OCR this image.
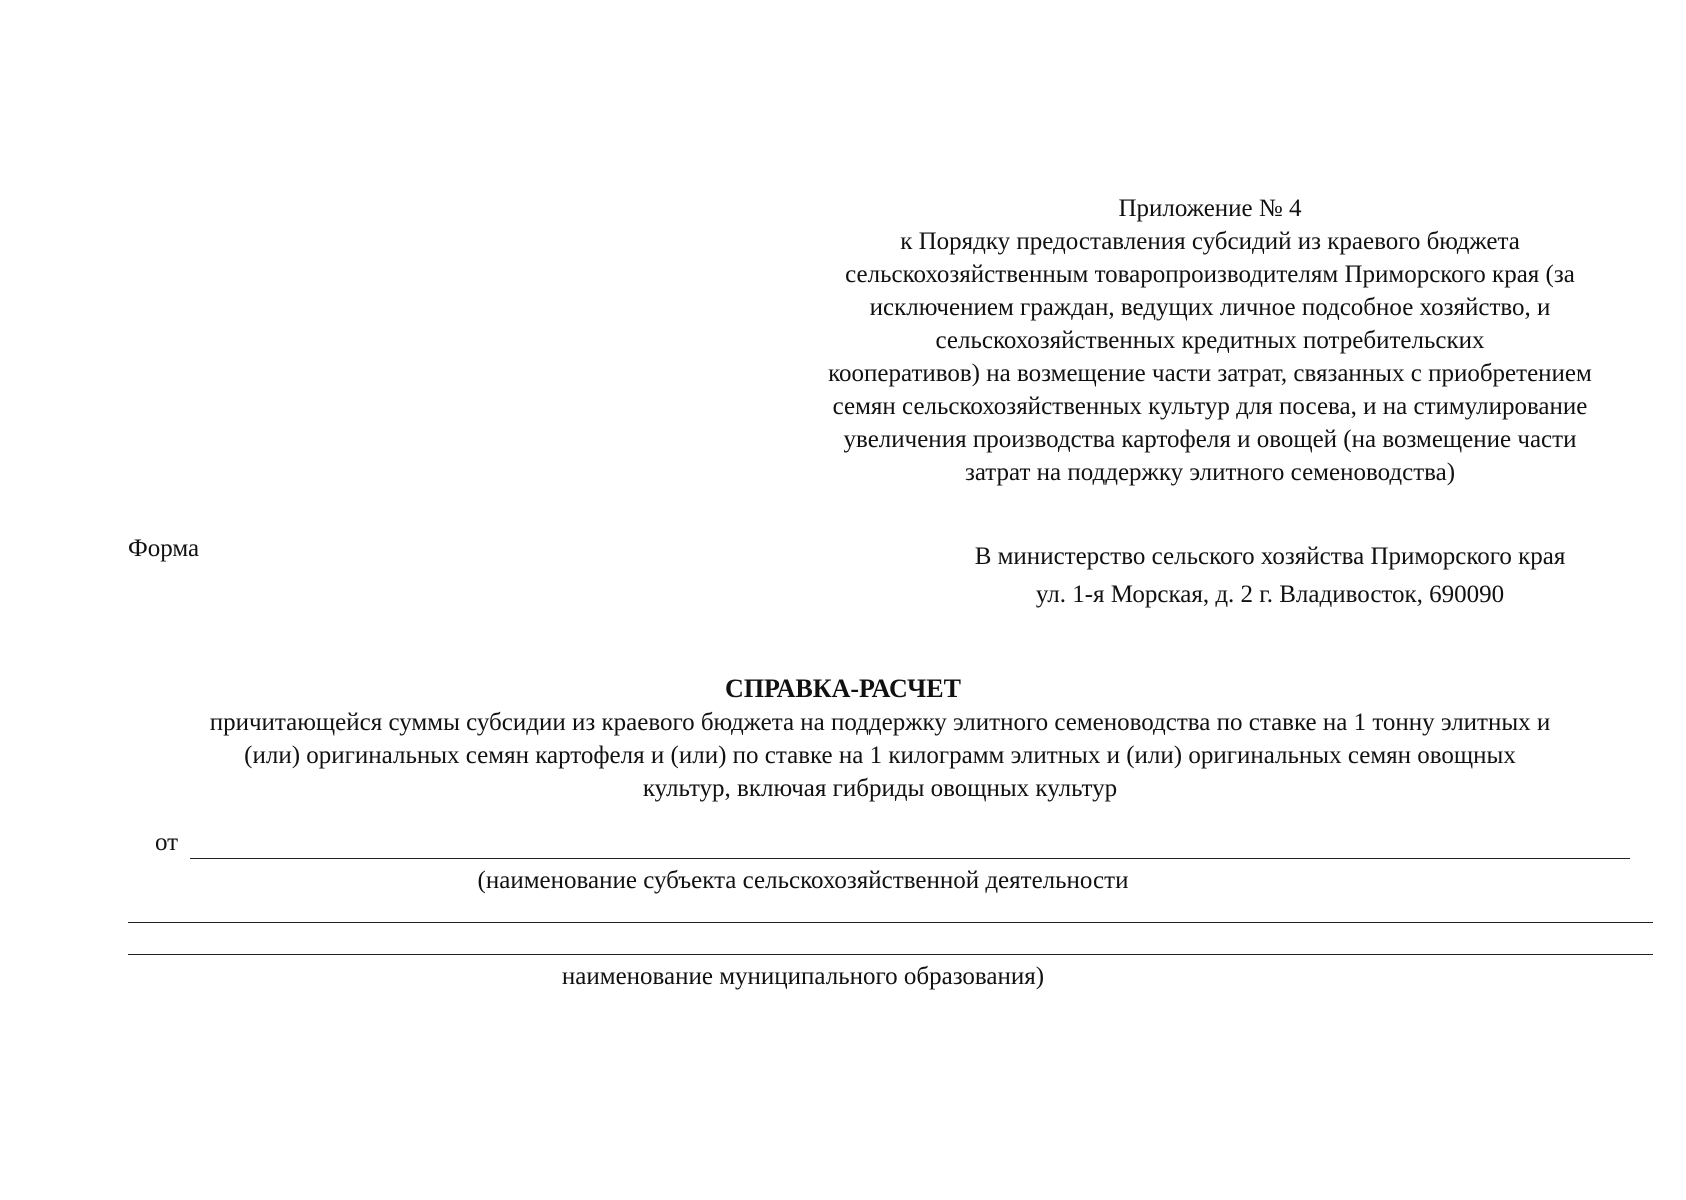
Приложение № 4
к Порядку предоставления субсидий из краевого бюджета
сельскохозяйственным товаропроизводителям Приморского края (за
исключением граждан, ведущих личное подсобное хозяйство, и
сельскохозяйственных кредитных потребительских
кооперативов) на возмещение части затрат, связанных с приобретением
семян сельскохозяйственных культур для посева, и на стимулирование
увеличения производства картофеля и овощей (на возмещение части
затрат на поддержку элитного семеноводства)
Форма	В министерство сельского хозяйства Приморского края
ул. 1-я Морская, д. 2 г. Владивосток, 690090
СПРАВКА-РАСЧЕТ
причитающейся суммы субсидии из краевого бюджета на поддержку элитного семеноводства по ставке на 1 тонну элитных и
(или) оригинальных семян картофеля и (или) по ставке на 1 килограмм элитных и (или) оригинальных семян овощных
культур, включая гибриды овощных культур
от
(наименование субъекта сельскохозяйственной деятельности
наименование муниципального образования)
